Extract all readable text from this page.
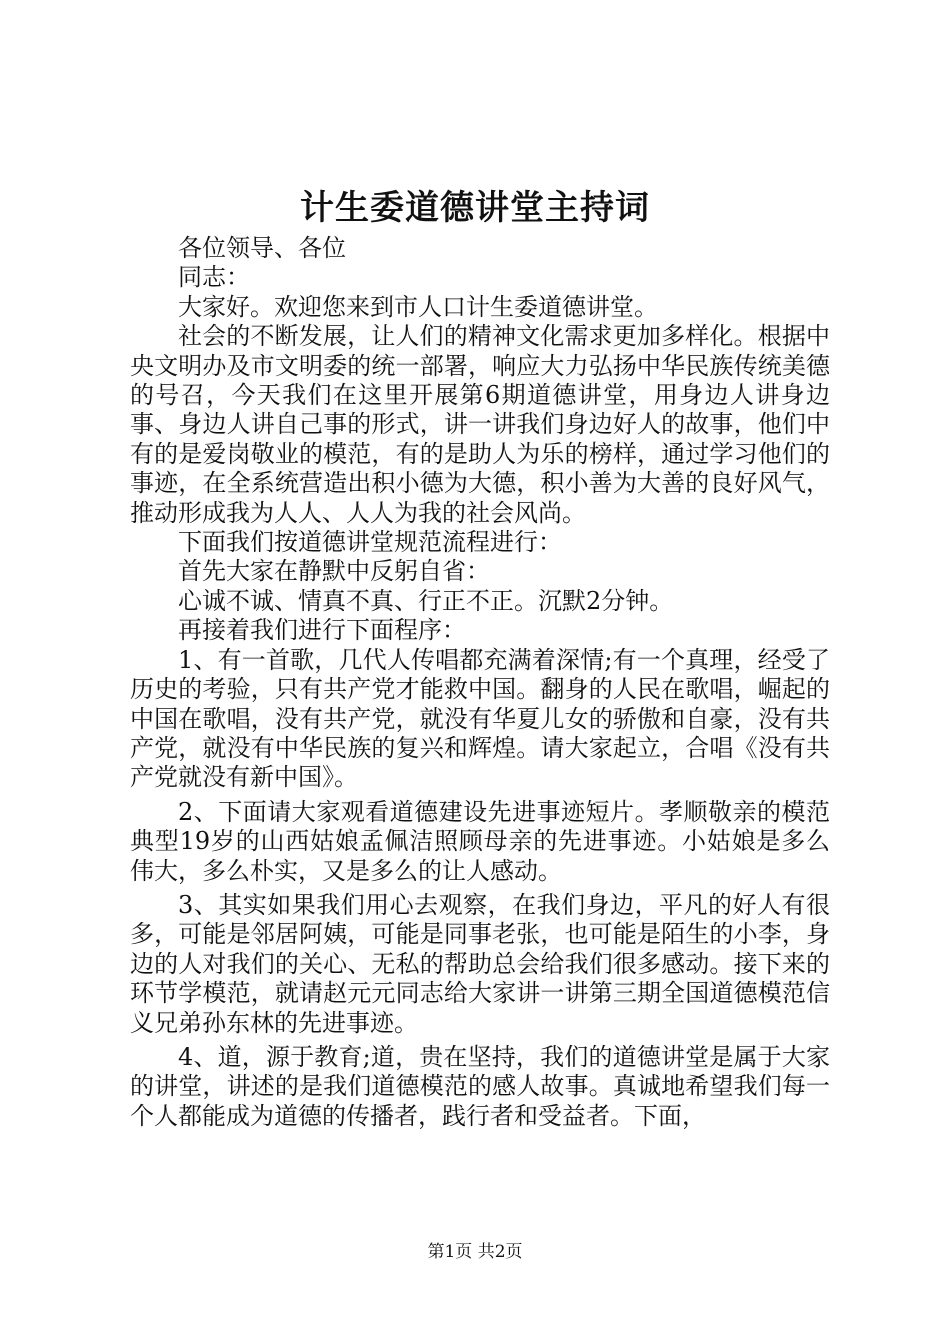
计生委道德讲堂主持词

各位领导、各位

同志：

大家好。欢迎您来到市人口计生委道德讲堂。

社会的不断发展，让人们的精神文化需求更加多样化。根据中央文明办及市文明委的统一部署，响应大力弘扬中华民族传统美德的号召，今天我们在这里开展第6期道德讲堂，用身边人讲身边事、身边人讲自己事的形式，讲一讲我们身边好人的故事，他们中有的是爱岗敬业的模范，有的是助人为乐的榜样，通过学习他们的事迹，在全系统营造出积小德为大德，积小善为大善的良好风气，推动形成我为人人、人人为我的社会风尚。

下面我们按道德讲堂规范流程进行：

首先大家在静默中反躬自省：

心诚不诚、情真不真、行正不正。沉默2分钟。

再接着我们进行下面程序：

1、有一首歌，几代人传唱都充满着深情;有一个真理，经受了历史的考验，只有共产党才能救中国。翻身的人民在歌唱，崛起的中国在歌唱，没有共产党，就没有华夏儿女的骄傲和自豪，没有共产党，就没有中华民族的复兴和辉煌。请大家起立，合唱《没有共产党就没有新中国》。

2、下面请大家观看道德建设先进事迹短片。孝顺敬亲的模范典型19岁的山西姑娘孟佩洁照顾母亲的先进事迹。小姑娘是多么伟大，多么朴实，又是多么的让人感动。

3、其实如果我们用心去观察，在我们身边，平凡的好人有很多，可能是邻居阿姨，可能是同事老张，也可能是陌生的小李，身边的人对我们的关心、无私的帮助总会给我们很多感动。接下来的环节学模范，就请赵元元同志给大家讲一讲第三期全国道德模范信义兄弟孙东林的先进事迹。

4、道，源于教育;道，贵在坚持，我们的道德讲堂是属于大家的讲堂，讲述的是我们道德模范的感人故事。真诚地希望我们每一个人都能成为道德的传播者，践行者和受益者。下面，

第1页 共2页
